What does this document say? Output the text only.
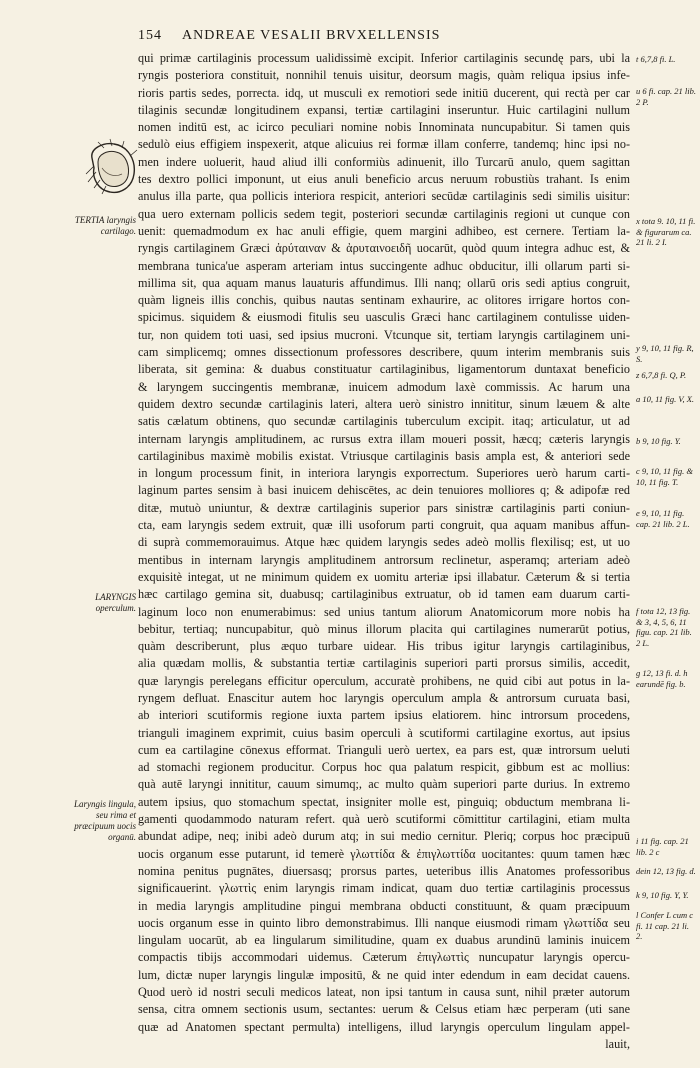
154 ANDREAE VESALII BRVXELLENSIS
TERTIA laryngis cartilago.
LARYNGIS operculum.
Laryngis lingula, seu rima et præcipuum uocis organū.
t 6,7,8 fi. L.
u 6 fi. cap. 21 lib. 2 P.
x tota 9. 10, 11 fi. & figurarum ca. 21 li. 2 I.
y 9, 10, 11 fig. R, S.
z 6,7,8 fi. Q, P.
a 10, 11 fig. V, X.
b 9, 10 fig. Y.
c 9, 10, 11 fig. & 10, 11 fig. T.
e 9, 10, 11 fig. cap. 21 lib. 2 L.
f tota 12, 13 fig. & 3, 4, 5, 6, 11 figu. cap. 21 lib. 2 L.
g 12, 13 fi. d. h earundē fig. b.
i 11 fig. cap. 21 lib. 2 c
dein 12, 13 fig. d.
k 9, 10 fig. Y, Y.
l Confer L cum c fi. 11 cap. 21 li. 2.
qui primæ cartilaginis processum ualidissimè excipit. Inferior cartilaginis secundę pars, ubi la
ryngis posteriora constituit, nonnihil tenuis uisitur, deorsum magis, quàm reliqua ipsius infe-
rioris partis sedes, porrecta. idq, ut musculi ex remotiori sede initiū ducerent, qui rectà per car
tilaginis secundæ longitudinem expansi, tertiæ cartilagini inseruntur. Huic cartilagini nullum
nomen inditū est, ac icirco peculiari nomine nobis Innominata nuncupabitur. Si tamen quis
sedulò eius effigiem inspexerit, atque alicuius rei formæ illam conferre, tandemq; hinc ipsi no-
men indere uoluerit, haud aliud illi conformiùs adinuenit, illo Turcarū anulo, quem sagittan
tes dextro pollici imponunt, ut eius anuli beneficio arcus neruum robustiùs trahant. Is enim
anulus illa parte, qua pollicis interiora respicit, anteriori secūdæ cartilaginis sedi similis uisitur:
qua uero externam pollicis sedem tegit, posteriori secundæ cartilaginis regioni ut cunque con
uenit: quemadmodum ex hac anuli effigie, quem margini adhibeo, est cernere. Tertiam la-
ryngis cartilaginem Græci ἀρύταιναν & ἀρυταινοειδῆ uocarūt, quòd quum integra adhuc est, &
membrana tunica'ue asperam arteriam intus succingente adhuc obducitur, illi ollarum parti si-
millima sit, qua aquam manus lauaturis affundimus. Illi nanq; ollarū oris sedi aptius congruit,
quàm ligneis illis conchis, quibus nautas sentinam exhaurire, ac olitores irrigare hortos con-
spicimus. siquidem & eiusmodi fitulis seu uasculis Græci hanc cartilaginem contulisse uiden-
tur, non quidem toti uasi, sed ipsius mucroni. Vtcunque sit, tertiam laryngis cartilaginem uni-
cam simplicemq; omnes dissectionum professores describere, quum interim membranis suis
liberata, sit gemina: & duabus constituatur cartilaginibus, ligamentorum duntaxat beneficio
& laryngem succingentis membranæ, inuicem admodum laxè commissis. Ac harum una
quidem dextro secundæ cartilaginis lateri, altera uerò sinistro innititur, sinum læuem & alte
satis cælatum obtinens, quo secundæ cartilaginis tuberculum excipit. itaq; articulatur, ut ad
internam laryngis amplitudinem, ac rursus extra illam moueri possit, hæcq; cæteris laryngis
cartilaginibus maximè mobilis existat. Vtriusque cartilaginis basis ampla est, & anteriori sede
in longum processum finit, in interiora laryngis exporrectum. Superiores uerò harum carti-
laginum partes sensim à basi inuicem dehiscētes, ac dein tenuiores molliores q; & adipofæ red
ditæ, mutuò uniuntur, & dextræ cartilaginis superior pars sinistræ cartilaginis parti coniun-
cta, eam laryngis sedem extruit, quæ illi usoforum parti congruit, qua aquam manibus affun-
di suprà commemorauimus. Atque hæc quidem laryngis sedes adeò mollis flexilisq; est, ut uo
mentibus in internam laryngis amplitudinem antrorsum reclinetur, asperamq; arteriam adeò
exquisitè integat, ut ne minimum quidem ex uomitu arteriæ ipsi illabatur. Cæterum & si tertia
hæc cartilago gemina sit, duabusq; cartilaginibus extruatur, ob id tamen eam duarum carti-
laginum loco non enumerabimus: sed unius tantum aliorum Anatomicorum more nobis ha
bebitur, tertiaq; nuncupabitur, quò minus illorum placita qui cartilagines numerarūt potius,
quàm describerunt, plus æquo turbare uidear. His tribus igitur laryngis cartilaginibus,
alia quædam mollis, & substantia tertiæ cartilaginis superiori parti prorsus similis, accedit,
quæ laryngis perelegans efficitur operculum, accuratè prohibens, ne quid cibi aut potus in la-
ryngem defluat. Enascitur autem hoc laryngis operculum ampla & antrorsum curuata basi,
ab interiori scutiformis regione iuxta partem ipsius elatiorem. hinc introrsum procedens,
trianguli imaginem exprimit, cuius basim operculi à scutiformi cartilagine exortus, aut ipsius
cum ea cartilagine cōnexus efformat. Trianguli uerò uertex, ea pars est, quæ introrsum ueluti
ad stomachi regionem producitur. Corpus hoc qua palatum respicit, gibbum est ac mollius:
quà autē laryngi innititur, cauum simumq;, ac multo quàm superiori parte durius. In extremo
autem ipsius, quo stomachum spectat, insigniter molle est, pinguiq; obductum membrana li-
gamenti quodammodo naturam refert. quà uerò scutiformi cōmittitur cartilagini, etiam multa
abundat adipe, neq; inibi adeò durum atq; in sui medio cernitur. Pleriq; corpus hoc præcipuū
uocis organum esse putarunt, id temerè γλωττίδα & ἐπιγλωττίδα uocitantes: quum tamen hæc
nomina penitus pugnātes, diuersasq; prorsus partes, ueteribus illis Anatomes professoribus
significauerint. γλωττὶς enim laryngis rimam indicat, quam duo tertiæ cartilaginis processus
in media laryngis amplitudine pingui membrana obducti constituunt, & quam præcipuum
uocis organum esse in quinto libro demonstrabimus. Illi nanque eiusmodi rimam γλωττίδα seu
lingulam uocarūt, ab ea lingularum similitudine, quam ex duabus arundinū laminis inuicem
compactis tibijs accommodari uidemus. Cæterum ἐπιγλωττὶς nuncupatur laryngis opercu-
lum, dictæ nuper laryngis lingulæ impositū, & ne quid inter edendum in eam decidat cauens.
Quod uerò id nostri seculi medicos lateat, non ipsi tantum in causa sunt, nihil præter autorum
sensa, citra omnem sectionis usum, sectantes: uerum & Celsus etiam hæc perperam (uti sane
quæ ad Anatomen spectant permulta) intelligens, illud laryngis operculum lingulam appel-
lauit,
